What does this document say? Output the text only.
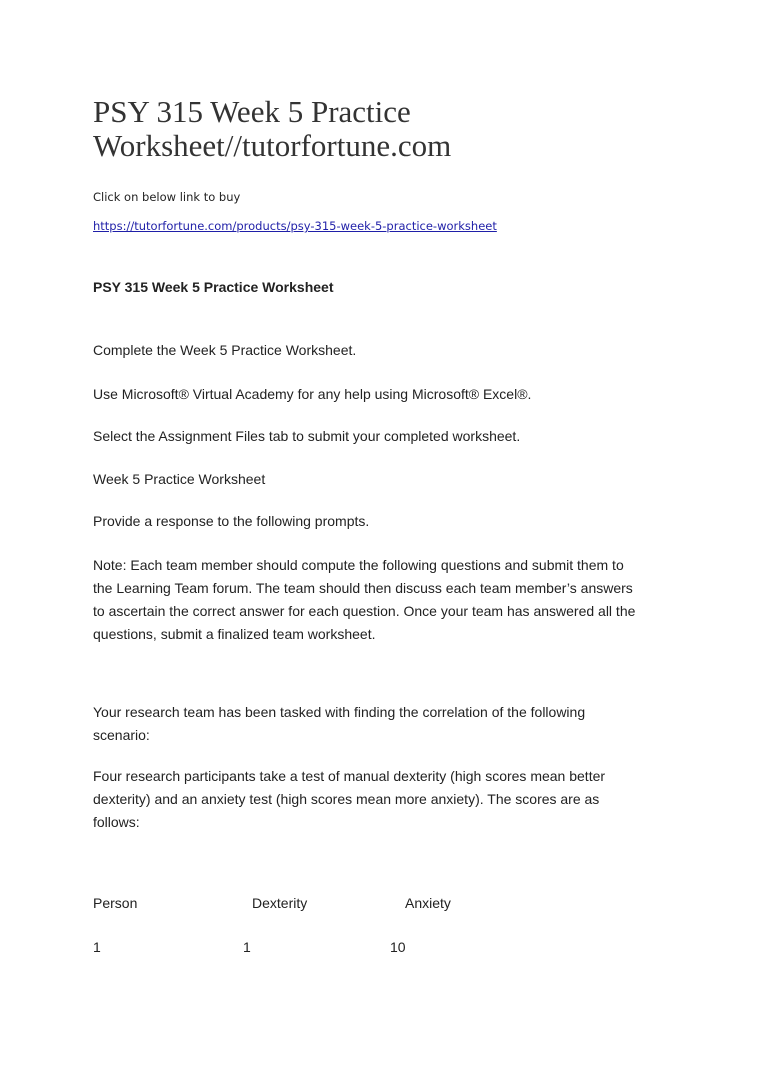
PSY 315 Week 5 Practice
Worksheet//tutorfortune.com
Click on below link to buy
https://tutorfortune.com/products/psy-315-week-5-practice-worksheet
PSY 315 Week 5 Practice Worksheet
Complete the Week 5 Practice Worksheet.
Use Microsoft® Virtual Academy for any help using Microsoft® Excel®.
Select the Assignment Files tab to submit your completed worksheet.
Week 5 Practice Worksheet
Provide a response to the following prompts.
Note: Each team member should compute the following questions and submit them to
the Learning Team forum. The team should then discuss each team member’s answers
to ascertain the correct answer for each question. Once your team has answered all the
questions, submit a finalized team worksheet.
Your research team has been tasked with finding the correlation of the following
scenario:
Four research participants take a test of manual dexterity (high scores mean better
dexterity) and an anxiety test (high scores mean more anxiety). The scores are as
follows:
Person	Dexterity	Anxiety
1	1	10
